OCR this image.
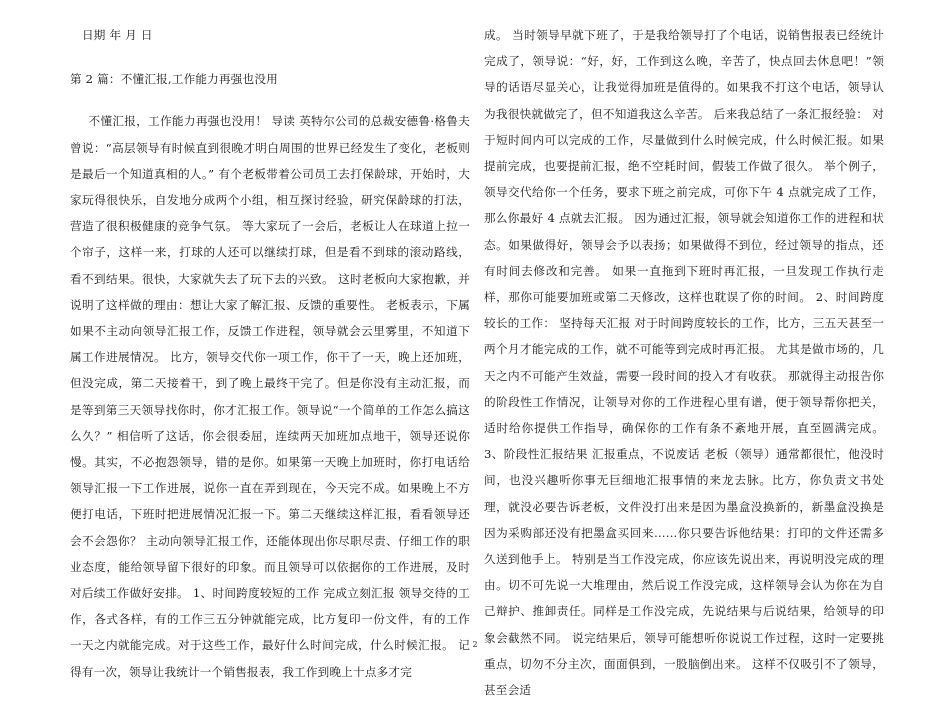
日期 年 月 日

第 2 篇：不懂汇报,工作能力再强也没用

不懂汇报，工作能力再强也没用！ 导读 英特尔公司的总裁安德鲁·格鲁夫曾说：“高层领导有时候直到很晚才明白周围的世界已经发生了变化，老板则是最后一个知道真相的人。” 有个老板带着公司员工去打保龄球，开始时，大家玩得很快乐，自发地分成两个小组，相互探讨经验，研究保龄球的打法，营造了很积极健康的竞争气氛。 等大家玩了一会后，老板让人在球道上拉一个帘子，这样一来，打球的人还可以继续打球，但是看不到球的滚动路线，看不到结果。很快，大家就失去了玩下去的兴致。 这时老板向大家抱歉，并说明了这样做的理由：想让大家了解汇报、反馈的重要性。 老板表示，下属如果不主动向领导汇报工作，反馈工作进程，领导就会云里雾里，不知道下属工作进展情况。 比方，领导交代你一项工作，你干了一天，晚上还加班，但没完成，第二天接着干，到了晚上最终干完了。但是你没有主动汇报，而是等到第三天领导找你时，你才汇报工作。领导说“一个简单的工作怎么搞这么久？” 相信听了这话，你会很委屈，连续两天加班加点地干，领导还说你慢。其实，不必抱怨领导，错的是你。如果第一天晚上加班时，你打电话给领导汇报一下工作进展，说你一直在弄到现在，今天完不成。如果晚上不方便打电话，下班时把进展情况汇报一下。第二天继续这样汇报，看看领导还会不会怨你？ 主动向领导汇报工作，还能体现出你尽职尽责、仔细工作的职业态度，能给领导留下很好的印象。而且领导可以依据你的工作进展，及时对后续工作做好安排。 1、时间跨度较短的工作 完成立刻汇报 领导交待的工作，各式各样，有的工作三五分钟就能完成，比方复印一份文件，有的工作一天之内就能完成。对于这些工作，最好什么时间完成，什么时候汇报。 记得有一次，领导让我统计一个销售报表，我工作到晚上十点多才完

成。 当时领导早就下班了，于是我给领导打了个电话，说销售报表已经统计完成了，领导说：“好，好，工作到这么晚，辛苦了，快点回去休息吧！”领导的话语尽显关心，让我觉得加班是值得的。如果我不打这个电话，领导认为我很快就做完了，但不知道我这么辛苦。 后来我总结了一条汇报经验： 对于短时间内可以完成的工作，尽量做到什么时候完成，什么时候汇报。如果提前完成，也要提前汇报，绝不空耗时间，假装工作做了很久。 举个例子，领导交代给你一个任务，要求下班之前完成，可你下午 4 点就完成了工作，那么你最好 4 点就去汇报。 因为通过汇报，领导就会知道你工作的进程和状态。如果做得好，领导会予以表扬；如果做得不到位，经过领导的指点，还有时间去修改和完善。 如果一直拖到下班时再汇报，一旦发现工作执行走样，那你可能要加班或第二天修改，这样也耽误了你的时间。 2、时间跨度较长的工作： 坚持每天汇报 对于时间跨度较长的工作，比方，三五天甚至一两个月才能完成的工作，就不可能等到完成时再汇报。 尤其是做市场的，几天之内不可能产生效益，需要一段时间的投入才有收获。 那就得主动报告你的阶段性工作情况，让领导对你的工作进程心里有谱，便于领导帮你把关，适时给你提供工作指导，确保你的工作有条不紊地开展，直至圆满完成。 3、阶段性汇报结果 汇报重点，不说废话 老板（领导）通常都很忙，他没时间，也没兴趣听你事无巨细地汇报事情的来龙去脉。比方，你负责文书处理，就没必要告诉老板，文件没打出来是因为墨盒没换新的，新墨盒没换是因为采购部还没有把墨盒买回来……你只要告诉他结果：打印的文件还需多久送到他手上。 特别是当工作没完成，你应该先说出来，再说明没完成的理由。切不可先说一大堆理由，然后说工作没完成，这样领导会认为你在为自己辩护、推卸责任。同样是工作没完成，先说结果与后说结果，给领导的印象会截然不同。 说完结果后，领导可能想听你说说工作过程，这时一定要挑重点，切勿不分主次，面面俱到，一股脑倒出来。 这样不仅吸引不了领导，甚至会适

2
